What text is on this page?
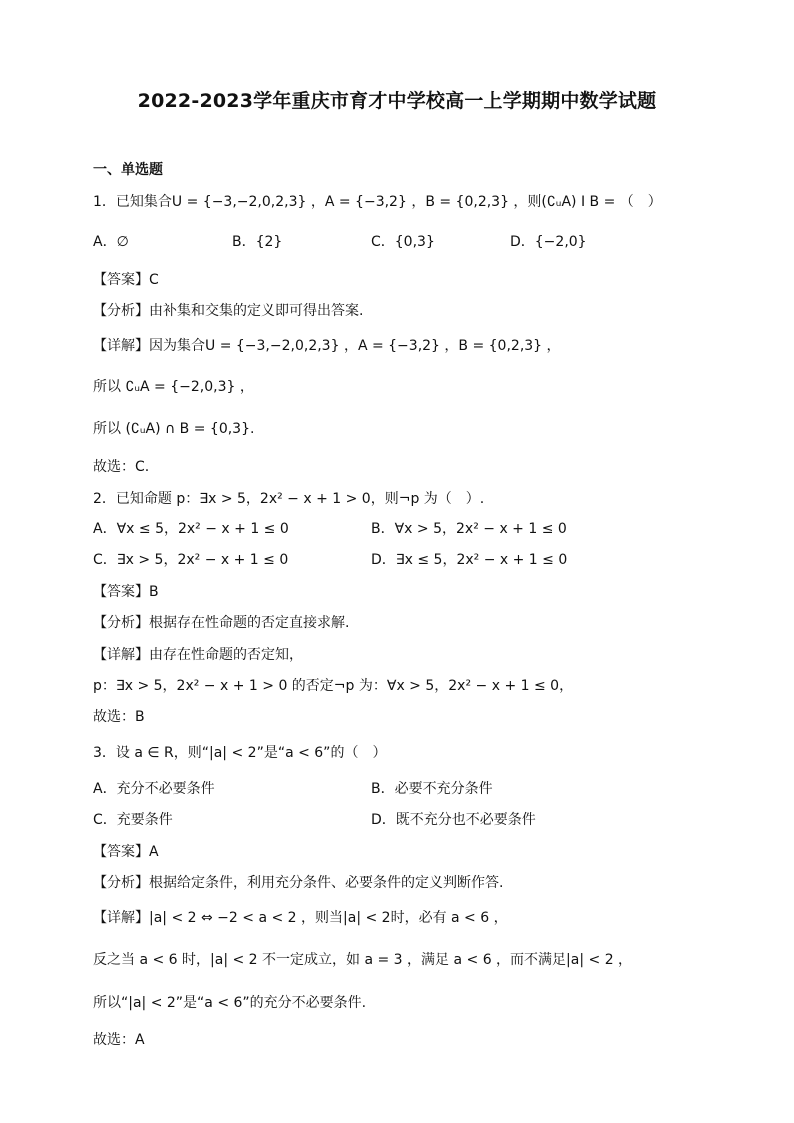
2022-2023学年重庆市育才中学校高一上学期期中数学试题
一、单选题
1．已知集合U = {−3,−2,0,2,3} ，A = {−3,2} ，B = {0,2,3} ，则(∁ᵤA) I B = （　）
A．∅	B．{2}	C．{0,3}	D．{−2,0}
【答案】C
【分析】由补集和交集的定义即可得出答案.
【详解】因为集合U = {−3,−2,0,2,3} ，A = {−3,2} ，B = {0,2,3} ，
所以 ∁ᵤA = {−2,0,3} ，
所以 (∁ᵤA) ∩ B = {0,3}.
故选：C.
2．已知命题 p：∃x > 5，2x² − x + 1 > 0，则¬p 为（　）.
A．∀x ≤ 5，2x² − x + 1 ≤ 0	B．∀x > 5，2x² − x + 1 ≤ 0
C．∃x > 5，2x² − x + 1 ≤ 0	D．∃x ≤ 5，2x² − x + 1 ≤ 0
【答案】B
【分析】根据存在性命题的否定直接求解.
【详解】由存在性命题的否定知，
p：∃x > 5，2x² − x + 1 > 0 的否定¬p 为：∀x > 5，2x² − x + 1 ≤ 0，
故选：B
3．设 a ∈ R，则“|a| < 2”是“a < 6”的（　）
A．充分不必要条件	B．必要不充分条件
C．充要条件	D．既不充分也不必要条件
【答案】A
【分析】根据给定条件，利用充分条件、必要条件的定义判断作答.
【详解】|a| < 2 ⇔ −2 < a < 2 ，则当|a| < 2时，必有 a < 6 ，
反之当 a < 6 时，|a| < 2 不一定成立，如 a = 3 ，满足 a < 6 ，而不满足|a| < 2 ，
所以“|a| < 2”是“a < 6”的充分不必要条件.
故选：A
